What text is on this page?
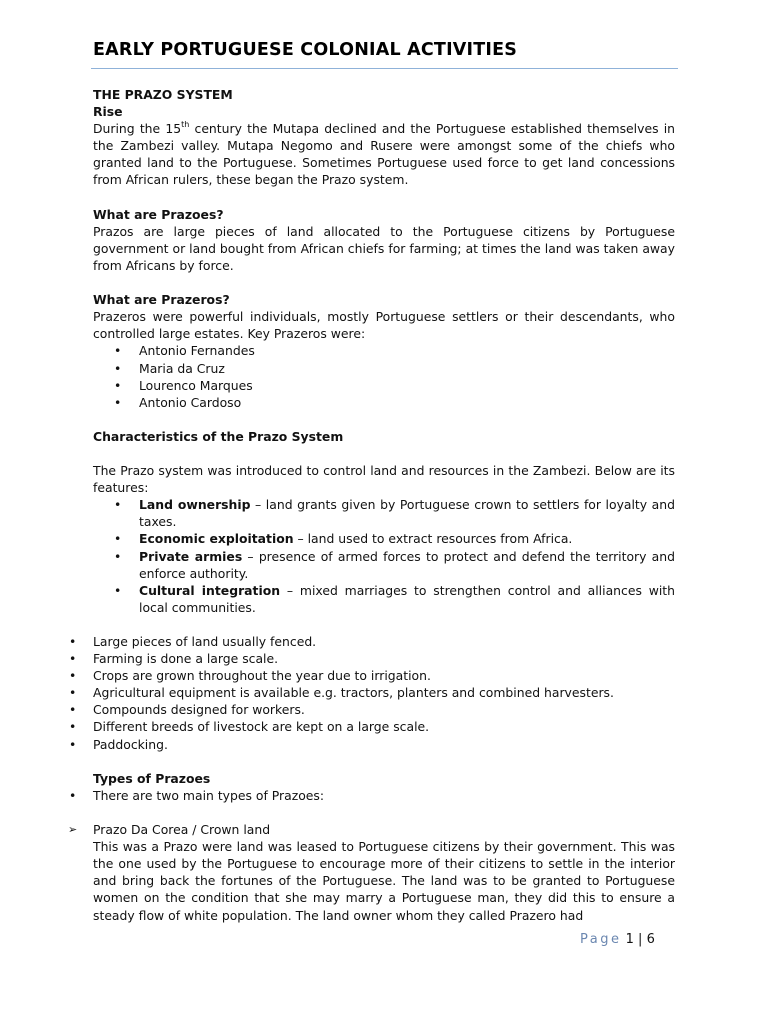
EARLY PORTUGUESE COLONIAL ACTIVITIES

THE PRAZO SYSTEM

Rise

During the 15th century the Mutapa declined and the Portuguese established themselves in the Zambezi valley. Mutapa Negomo and Rusere were amongst some of the chiefs who granted land to the Portuguese. Sometimes Portuguese used force to get land concessions from African rulers, these began the Prazo system.

What are Prazoes?

Prazos are large pieces of land allocated to the Portuguese citizens by Portuguese government or land bought from African chiefs for farming; at times the land was taken away from Africans by force.

What are Prazeros?

Prazeros were powerful individuals, mostly Portuguese settlers or their descendants, who controlled large estates. Key Prazeros were:

• Antonio Fernandes
• Maria da Cruz
• Lourenco Marques
• Antonio Cardoso

Characteristics of the Prazo System

The Prazo system was introduced to control land and resources in the Zambezi. Below are its features:

• Land ownership – land grants given by Portuguese crown to settlers for loyalty and taxes.
• Economic exploitation – land used to extract resources from Africa.
• Private armies – presence of armed forces to protect and defend the territory and enforce authority.
• Cultural integration – mixed marriages to strengthen control and alliances with local communities.
• Large pieces of land usually fenced.
• Farming is done a large scale.
• Crops are grown throughout the year due to irrigation.
• Agricultural equipment is available e.g. tractors, planters and combined harvesters.
• Compounds designed for workers.
• Different breeds of livestock are kept on a large scale.
• Paddocking.

Types of Prazoes

• There are two main types of Prazoes:
➢ Prazo Da Corea / Crown land

This was a Prazo were land was leased to Portuguese citizens by their government. This was the one used by the Portuguese to encourage more of their citizens to settle in the interior and bring back the fortunes of the Portuguese. The land was to be granted to Portuguese women on the condition that she may marry a Portuguese man, they did this to ensure a steady flow of white population. The land owner whom they called Prazero had

Page 1 | 6
